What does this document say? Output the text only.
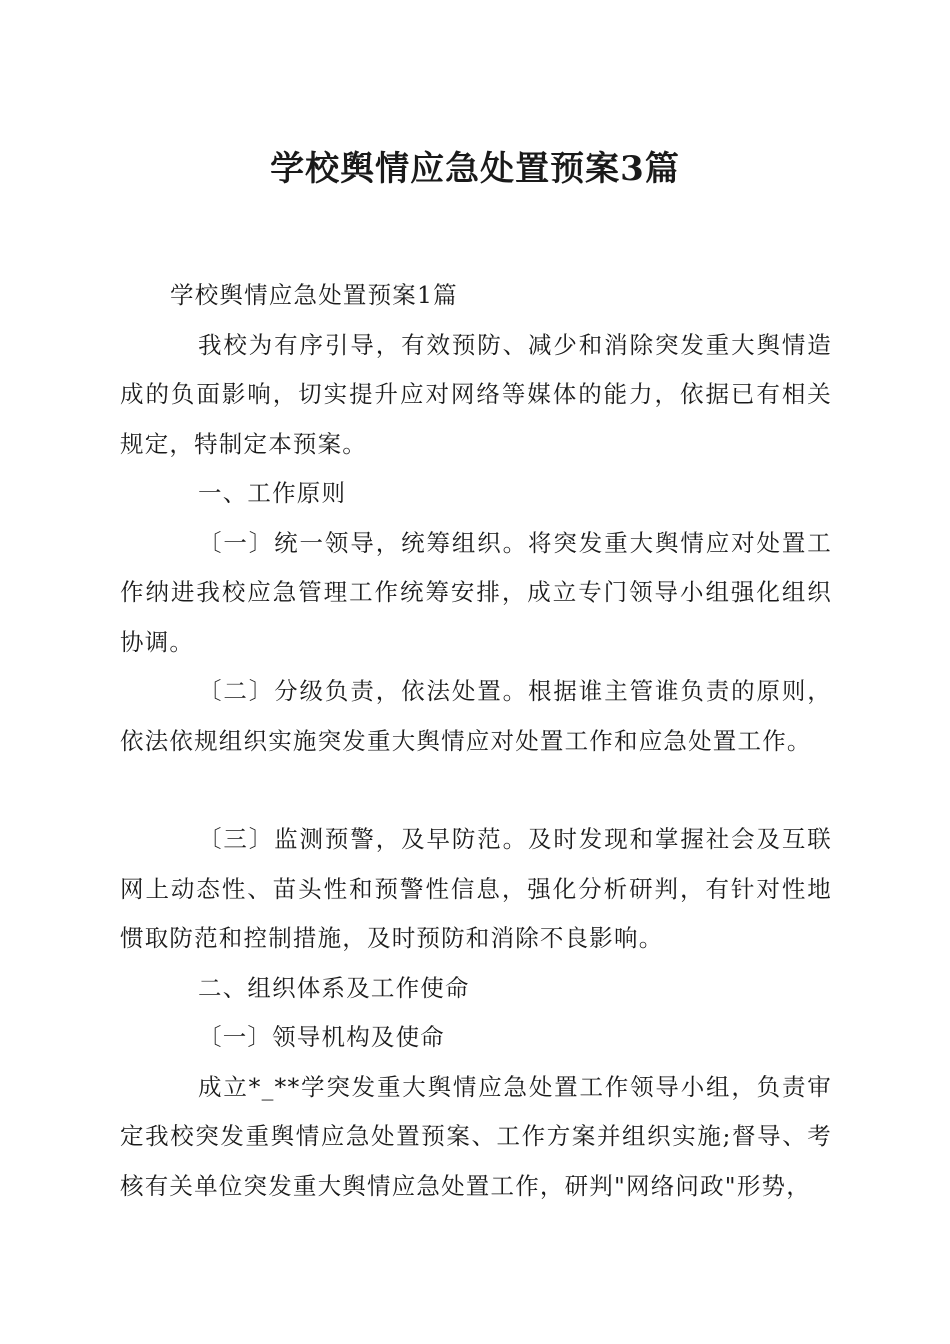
学校舆情应急处置预案3篇

学校舆情应急处置预案1篇

我校为有序引导，有效预防、减少和消除突发重大舆情造成的负面影响，切实提升应对网络等媒体的能力，依据已有相关规定，特制定本预案。

一、工作原则

〔一〕统一领导，统筹组织。将突发重大舆情应对处置工作纳进我校应急管理工作统筹安排，成立专门领导小组强化组织协调。

〔二〕分级负责，依法处置。根据谁主管谁负责的原则，依法依规组织实施突发重大舆情应对处置工作和应急处置工作。

〔三〕监测预警，及早防范。及时发现和掌握社会及互联网上动态性、苗头性和预警性信息，强化分析研判，有针对性地惯取防范和控制措施，及时预防和消除不良影响。

二、组织体系及工作使命

〔一〕领导机构及使命

成立*_**学突发重大舆情应急处置工作领导小组，负责审定我校突发重舆情应急处置预案、工作方案并组织实施;督导、考核有关单位突发重大舆情应急处置工作，研判"网络问政"形势，
